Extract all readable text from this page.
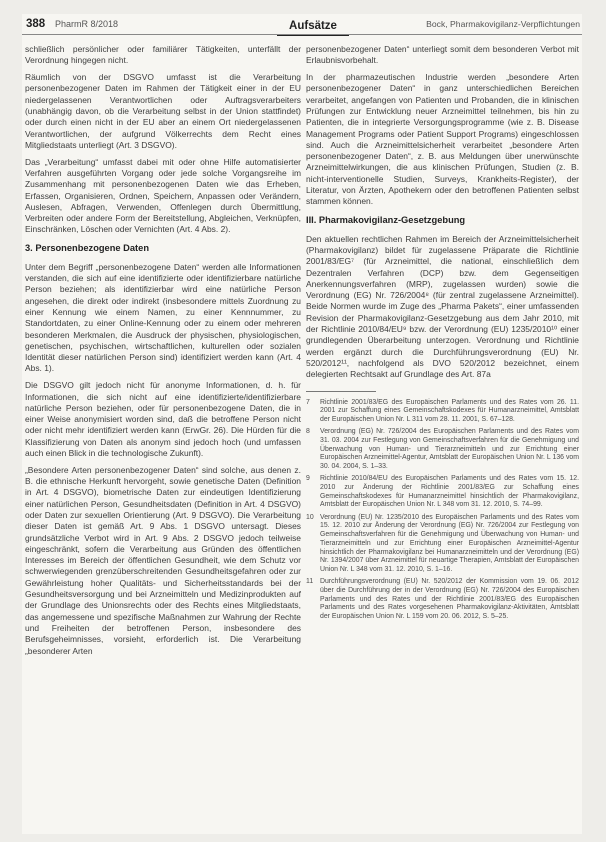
388 PharmR 8/2018	Aufsätze	Bock, Pharmakovigilanz-Verpflichtungen

schließlich persönlicher oder familiärer Tätigkeiten, unterfällt der Verordnung hingegen nicht.

Räumlich von der DSGVO umfasst ist die Verarbeitung personenbezogener Daten im Rahmen der Tätigkeit einer in der EU niedergelassenen Verantwortlichen oder Auftragsverarbeiters (unabhängig davon, ob die Verarbeitung selbst in der Union stattfindet) oder durch einen nicht in der EU aber an einem Ort niedergelassenen Verantwortlichen, der aufgrund Völkerrechts dem Recht eines Mitgliedstaats unterliegt (Art. 3 DSGVO).

Das „Verarbeitung“ umfasst dabei mit oder ohne Hilfe automatisierter Verfahren ausgeführten Vorgang oder jede solche Vorgangsreihe im Zusammenhang mit personenbezogenen Daten wie das Erheben, Erfassen, Organisieren, Ordnen, Speichern, Anpassen oder Verändern, Auslesen, Abfragen, Verwenden, Offenlegen durch Übermittlung, Verbreiten oder andere Form der Bereitstellung, Abgleichen, Verknüpfen, Einschränken, Löschen oder Vernichten (Art. 4 Abs. 2).

3. Personenbezogene Daten

Unter dem Begriff „personenbezogene Daten“ werden alle Informationen verstanden, die sich auf eine identifizierte oder identifizierbare natürliche Person beziehen; als identifizierbar wird eine natürliche Person angesehen, die direkt oder indirekt (insbesondere mittels Zuordnung zu einer Kennung wie einem Namen, zu einer Kennnummer, zu Standortdaten, zu einer Online-Kennung oder zu einem oder mehreren besonderen Merkmalen, die Ausdruck der physischen, physiologischen, genetischen, psychischen, wirtschaftlichen, kulturellen oder sozialen Identität dieser natürlichen Person sind) identifiziert werden kann (Art. 4 Abs. 1).

Die DSGVO gilt jedoch nicht für anonyme Informationen, d. h. für Informationen, die sich nicht auf eine identifizierte/identifizierbare natürliche Person beziehen, oder für personenbezogene Daten, die in einer Weise anonymisiert worden sind, daß die betroffene Person nicht oder nicht mehr identifiziert werden kann (ErwGr. 26). Die Hürden für die Klassifizierung von Daten als anonym sind jedoch hoch (und umfassen auch einen Blick in die technologische Zukunft).

„Besondere Arten personenbezogener Daten“ sind solche, aus denen z. B. die ethnische Herkunft hervorgeht, sowie genetische Daten (Definition in Art. 4 DSGVO), biometrische Daten zur eindeutigen Identifizierung einer natürlichen Person, Gesundheitsdaten (Definition in Art. 4 DSGVO) oder Daten zur sexuellen Orientierung (Art. 9 DSGVO). Die Verarbeitung dieser Daten ist gemäß Art. 9 Abs. 1 DSGVO untersagt. Dieses grundsätzliche Verbot wird in Art. 9 Abs. 2 DSGVO jedoch teilweise eingeschränkt, sofern die Verarbeitung aus Gründen des öffentlichen Interesses im Bereich der öffentlichen Gesundheit, wie dem Schutz vor schwerwiegenden grenzüberschreitenden Gesundheitsgefahren oder zur Gewährleistung hoher Qualitäts- und Sicherheitsstandards bei der Gesundheitsversorgung und bei Arzneimitteln und Medizinprodukten auf der Grundlage des Unionsrechts oder des Rechts eines Mitgliedstaats, das angemessene und spezifische Maßnahmen zur Wahrung der Rechte und Freiheiten der betroffenen Person, insbesondere des Berufsgeheimnisses, vorsieht, erforderlich ist. Die Verarbeitung „besonderer Arten

personenbezogener Daten“ unterliegt somit dem besonderen Verbot mit Erlaubnisvorbehalt.

In der pharmazeutischen Industrie werden „besondere Arten personenbezogener Daten“ in ganz unterschiedlichen Bereichen verarbeitet, angefangen von Patienten und Probanden, die in klinischen Prüfungen zur Entwicklung neuer Arzneimittel teilnehmen, bis hin zu Patienten, die in integrierte Versorgungsprogramme (wie z. B. Disease Management Programs oder Patient Support Programs) eingeschlossen sind. Auch die Arzneimittelsicherheit verarbeitet „besondere Arten personenbezogener Daten“, z. B. aus Meldungen über unerwünschte Arzneimittelwirkungen, die aus klinischen Prüfungen, Studien (z. B. nicht-interventionelle Studien, Surveys, Krankheits-Register), der Literatur, von Ärzten, Apothekern oder den betroffenen Patienten selbst stammen können.

III. Pharmakovigilanz-Gesetzgebung

Den aktuellen rechtlichen Rahmen im Bereich der Arzneimittelsicherheit (Pharmakovigilanz) bildet für zugelassene Präparate die Richtlinie 2001/83/EG⁷ (für Arzneimittel, die national, einschließlich dem Dezentralen Verfahren (DCP) bzw. dem Gegenseitigen Anerkennungsverfahren (MRP), zugelassen wurden) sowie die Verordnung (EG) Nr. 726/2004⁸ (für zentral zugelassene Arzneimittel). Beide Normen wurde im Zuge des „Pharma Pakets“, einer umfassenden Revision der Pharmakovigilanz-Gesetzgebung aus dem Jahr 2010, mit der Richtlinie 2010/84/EU⁹ bzw. der Verordnung (EU) 1235/2010¹⁰ einer grundlegenden Überarbeitung unterzogen. Verordnung und Richtlinie werden ergänzt durch die Durchführungsverordnung (EU) Nr. 520/2012¹¹, nachfolgend als DVO 520/2012 bezeichnet, einem delegierten Rechtsakt auf Grundlage des Art. 87a

7	Richtlinie 2001/83/EG des Europäischen Parlaments und des Rates vom 26. 11. 2001 zur Schaffung eines Gemeinschaftskodexes für Humanarzneimittel, Amtsblatt der Europäischen Union Nr. L 311 vom 28. 11. 2001, S. 67–128.
8	Verordnung (EG) Nr. 726/2004 des Europäischen Parlaments und des Rates vom 31. 03. 2004 zur Festlegung von Gemeinschaftsverfahren für die Genehmigung und Überwachung von Human- und Tierarzneimitteln und zur Errichtung einer Europäischen Arzneimittel-Agentur, Amtsblatt der Europäischen Union Nr. L 136 vom 30. 04. 2004, S. 1–33.
9	Richtlinie 2010/84/EU des Europäischen Parlaments und des Rates vom 15. 12. 2010 zur Änderung der Richtlinie 2001/83/EG zur Schaffung eines Gemeinschaftskodexes für Humanarzneimittel hinsichtlich der Pharmakovigilanz, Amtsblatt der Europäischen Union Nr. L 348 vom 31. 12. 2010, S. 74–99.
10 Verordnung (EU) Nr. 1235/2010 des Europäischen Parlaments und des Rates vom 15. 12. 2010 zur Änderung der Verordnung (EG) Nr. 726/2004 zur Festlegung von Gemeinschaftsverfahren für die Genehmigung und Überwachung von Human- und Tierarzneimitteln und zur Errichtung einer Europäischen Arzneimittel-Agentur hinsichtlich der Pharmakovigilanz bei Humanarzneimitteln und der Verordnung (EG) Nr. 1394/2007 über Arzneimittel für neuartige Therapien, Amtsblatt der Europäischen Union Nr. L 348 vom 31. 12. 2010, S. 1–16.
11 Durchführungsverordnung (EU) Nr. 520/2012 der Kommission vom 19. 06. 2012 über die Durchführung der in der Verordnung (EG) Nr. 726/2004 des Europäischen Parlaments und des Rates und der Richtlinie 2001/83/EG des Europäischen Parlaments und des Rates vorgesehenen Pharmakovigilanz-Aktivitäten, Amtsblatt der Europäischen Union Nr. L 159 vom 20. 06. 2012, S. 5–25.
